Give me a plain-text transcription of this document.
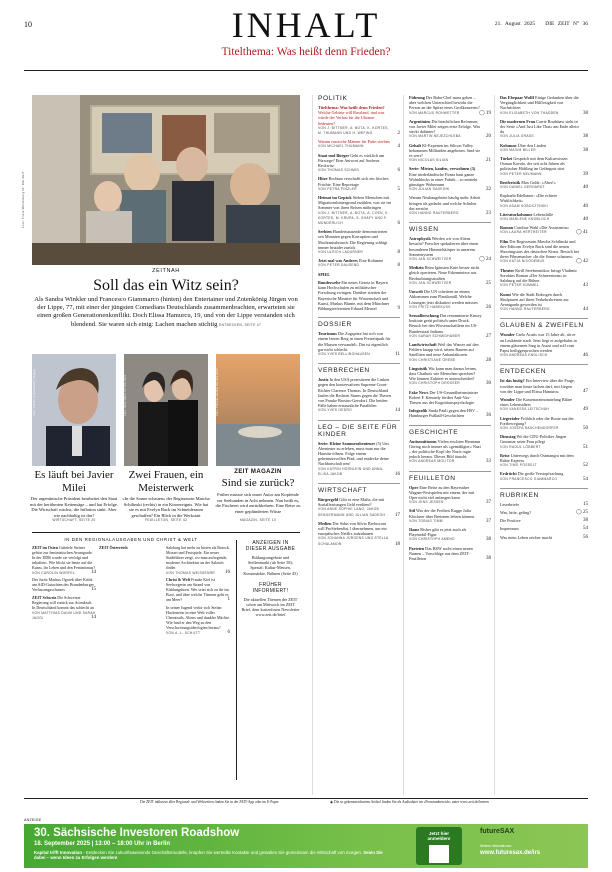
10	INHALT	21. August 2025 DIE ZEIT N° 36
Titelthema: Was heißt denn Frieden?
Foto: Frank Mühlenberg für DIE ZEIT
ZEITNAH
Soll das ein Witz sein?
Als Sandra Winkler und Francesco Giammarco (hinten) den Entertainer und Zotenkönig Jürgen von der Lippe, 77, mit einer der jüngsten Comedians Deutschlands zusammenbrachten, erwarteten sie einen großen Generationenkonflikt. Doch Elissa Hamurcu, 19, und von der Lippe verstanden sich blendend. Sie waren sich einig: Lachen machen süchtig ENTDECKEN, SEITE 47
Foto: Tomas Cuesta/Getty Images
Es läuft bei Javier Milei
Der argentinische Präsident bearbeitet den Staat mit der berühmten Kettensäge – und hat Erfolge. Die Wirtschaft wächst, die Inflation sinkt. Aber wie nachhaltig ist das?
WIRTSCHAFT, SEITE 20
Foto: Nina Maier für DIE ZEIT
Zwei Frauen, ein Meisterwerk
»In die Sonne schauen« der Regisseurin Mascha Schilinski (rechts) in ein Kinoereignis. Wie hat sie es mit Evelyn Rack im Schneideraum geschaffen? Ein Blick in die Werkstatt
FEUILLETON, SEITE 42
Foto: Thomas Gerber für DIE ZEIT
ZEIT MAGAZIN
Sind sie zurück?
Früher musste sich unser Autor am Kopfende vor Seehunden in Acht nehmen. Nun heißt es, die Fischerei wird zurückkehren. Eine Reise zu einer geplünderten Wüste
MAGAZIN, SEITE 10
IN DEN REGIONALAUSGABEN UND CHRIST & WELT
ZEIT im Osten Gabriele Steiner gehört zur feministischen Avantgarde. In der DDR wurde sie verfolgt und inhaftiert. Wie blickt sie heute auf die Kunst, ihr Leben und den Feminismus?
VON CAROLIN WÜRFEL	14
Der Jurist Markus Ogorek über Kritik am AfD-Gutachten des Brandenburger Verfassungsschutzes	15
ZEIT Schweiz Die Schweizer Regierung will zurück zur Atomkraft. In Deutschland kommt das schlecht an
VON MATTHIAS DAUM UND SARAH JAGGI	14
ZEIT Österreich	Salzburg hat mehr zu bieten als Barock, Mozart und Festspiele. Ein neuer Stadtführer zeigt, wo man aufregende, moderne Architektur an der Salzach findet
VON THOMAS WEISSENRR	16
Christ & Welt Frauke Kiel ist Seelsorgerin am Strand von Kühlungsborn. Wer setzt sich zu ihr ins Boot, und über welche Themen geht es am Meer?	1
In seiner Jugend verlor sich Stefan Hackenrein in eine Welt voller Chemtrails, Aliens und dunkler Mächte. Wie fand er den Weg zu den Verschwörungsideologien heraus?
VON A.-L. SCHILTT	6
ANZEIGEN IN DIESER AUSGABE
Bildungsangebote und Stellenmarkt (ab Seite 58); Spezial: Kultur-Messen, Kunstmärkte, Bühnen (Seite 45)
FRÜHER INFORMIERT!
Die aktuellen Themen der ZEIT schon am Mittwoch im ZEIT Brief, dem kostenlosen Newsletter
www.zeit.de/brief
POLITIK
Titelthema: Was heißt denn Frieden? Welche Gebiete will Russland, und was würde der Verlust für die Ukraine bedeuten?
VON J. BITTNER, A. BOTA, K. KORTES, M. THUMANN UND H. WEFING	2
Warum russische Männer für Putin sterben
VON MICHAEL THUMANN	4
Staat und Bürger Geht es wirklich um Fürsorge? Eine Antwort auf Andreas Reckwitz
VON THOMAS SCHMID	6
Hitze Bochum verschafft sich ein frisches Früchte. Eine Reportage
VON PETRA PINZLER	5
Heimat im Gepäck Sieben Menschen mit Migrationshintergrund erzählen, was sie im Sommer von ihren Reisen mitbringen
VON J. BITTNER, A. BOTA, A. COEN, K. KORTES, M. KRUPA, S. SHAFY UND F. MUNDERLICH	6
Serbien Hunderttausende demonstrierten seit Monaten gegen Korruption und Machtmissbrauch. Die Regierung schlägt immer brutaler zurück
VON ULRICH LADURNER	8
Jetzt mal was Anderes Eine Kolumne
VON PETER DAUSEND	8
SPIEL
Bundeswehr Ein neues Gesetz in Bayern kann Hochschulen zu militärischer Forschung zwingen. Darüber streiten der Bayerische Minister für Wissenschaft und Kunst, Markus Blume, mit dem Münchner Bildungsreferenten Eduard Meusel	9
DOSSIER
Tourismus Die Zugspitze hat sich von einem leeren Berg in einen Freizeitpark für die Massen verwandelt. Das ist eigentlich gar nicht schlecht
VON YVES BELLINGHAUSEN	11
VERBRECHEN
Justiz In den USA protestieren die Linken gegen den konservativen Supreme Court-Richter Clarence Thomas. In Deutschland laufen die Rechten Sturm gegen die Thesen von Frauke Brosius-Gersdorf. Die beiden Fälle haben erstaunliche Parallelen
VON YVES OEDRO	14
LEO – DIE SEITE FÜR KINDER
Serie: Kleine Sommerabenteuer (5) Uns Abenteuer zu erleben, muss man nur die Haustür öffnen. Folge einem geheimnisvollen Pfad, und entdecke deine Nachbarschaft neu!
VON KATRIN HÖRNLEIN UND ANNA-ELISA JAKOB	16
WIRTSCHAFT
Bürgergeld Gibt es eine Mafia, die mit Sozialleistungen Geld verdient?
VON ANNE SOPHIE LANG, JAKOB SENGERMANN UND JULIAN SADEGH	17
Medien Der Sohn von Silvio Berlusconi will ProSiebenSat.1 übernehmen, um ein europäisches Netflix aufzubauen
VON JOHANNA JÜRGENS UND STELLA SCHALAMON	18
Führung Der Babo-Chef muss gehen – aber welchen Unterschied bewirkt die Person an der Spitze eines Großkonzerns?
VON MARCUS ROHWETTER	◯ 19
Argentinien Die beachtlichen Reformen von Javier Milei zeigen erste Erfolge. Was steckt dahinter?
VON MARTIN NEJEZCHLEBA	20
Gehalt KI-Experten im Silicon Valley bekommen Milliarden angeboten. Sind sie es wert?
VON NICOLAS KILIAN	21
Serie: Mieten, kaufen, verwohnen (3) Eine niederländische Firma baut ganze Wohnblocks in einer Fabrik – so entsteht günstiger Wohnraum
VON JULIAN SADEGHI	22
Warum Neubaugebiete häufig mehr Arbeit bringen als gedacht und welche Schulen das zerstört
VON HANNO RAUTERBERG	23
WISSEN
Astrophysik Werden wir von Aliens besucht? Forscher spekulieren über einen besonderen Himmelskörper in unserem Sonnensystem
VON JAN SCHWEITZER	◯ 24
Medizin Beim Igänsten Knie besser nicht gleich operieren. Neue Erkenntnisse aus Beobachtungsstudien
VON JAN SCHWEITZER	25
Umwelt Die UN scheitern an einem Abkommen zum Plastikmüll. Welche Lösungen jetzt diskutiert werden müssen
VON FRITZ HABEKUSS	26
Sexualforschung Das renommierte Kinsey Institute gerät politisch unter Druck. Besuch bei den Wissenschaftlern im US-Bundesstaat Indiana
VON SARAH SCHMIDHUBER	27
Landwirtschaft Weil das Wasser auf den Feldern knapp wird, setzen Bauern auf Satelliten und neue Anbaufaktoren
VON CHRISTIANE GREBE	28
Linguistik Wir kann man daraus lernen, dass Chatbots wie Menschen sprechen? Wie können Zuhörer es unterscheiden?
VON CHRISTOPH DRÖSSER	30
Fake News Der US-Gesundheitsminister Robert F. Kennedy fördert Anti-Vax-Thesen aus der Kognitionspsychologie
Infografik Sankt Pauli gegen den HSV – Hamburger Fußball-Geschichten	36
GESCHICHTE
Antisemitismus Vielen erschien Hermann Göring noch immer als »gemäßigter« Nazi – der politische Kopf der Nazis ragte jedoch heraus. Dieses Bild täuscht
VON ANDREAS MOLITOR	33
FEUILLETON
Oper Eine Reise zu den Bayreuther Wagner-Festspielen mit einem, der mit Oper nicht viel anfangen kann
VON JENS JESSEN	37
Stil Was der die Freiheit Kugge Julia Klöckner über Bretonen lehren können
VON TOBIAS TIMM	37
Ikone Bisher gibt es jetzt auch als Playmobil-Figur
VON CHRISTOPH AMEND	38
Parteien Das BSW sucht einen neuen Namen – Vorschläge aus dem ZEIT-Feuilleton	38
Das Ebepaar Wolff Einige Gedanken über die Vergänglichkeit und Hilflosigkeit von Nachrichten
VON ELISABETH VON THADDEN	38
Die modernen Frau Carrie Bradshaw steht in der Serie »And Just Like That« am Ende allein da
VON JULIA GRASS	38
Kolumne Über den Linden
VON MAXIM BILLER	38
Türkei Gespräch mit dem Kulturwissen Osman Kavala, der seit acht Jahren als politischer Häftling im Gefängnis sitzt
VON PETER NEUMANN	39
Bestleristik Max Goldt: »Aber!«
VON DANIEL GERHARDT	40
Raphaela Edelbauer: »Die echtere Wirklichkeit«
VON ADAM SOBOCZYNSKI	40
Literaturkolumne Lebensfülle
VON MARLENE KNOBLOCH	40
Roman Caroline Wahl »Die Assistentin«
VON LAURA HERTREITER	◯ 41
Film Die Regisseurin Mascha Schilinski und ihre Editorin Evelyn Rack sind die neuen Shootingstars des deutschen Kinos. Besuch bei ihren Filmemacher »In die Sonne schauen«
VON KATJA NICODEMUS	◯ 42
Theater Kirill Serebrennikov bringt Vladimir Sorokins Roman »Der Schneesturm« in Salzburg auf die Bühne
VON PETER KÜMMEL	43
Kunst Wie die Stadt Einbogen durch Skulpturen auf ihren Verkehrskreisen zur Avantgarde geworden ist
VON HANNO RAUTERBERG	44
GLAUBEN & ZWEIFELN
Wunder Carlo Acutis war 15 Jahre alt, als er an Leukämie starb. Jetzt liegt er aufgebahrt in einem gläsernen Sarg in Assisi und soll vom Papst heiliggesprochen werden
VON ANDREAS ENGLISCH	46
ENTDECKEN
Ist das lustig? Ein Interview über die Frage, worüber man heute lachen darf, mit Jürgen von der Lippe und Elissa Hamurcu	47
Wunder Die Kassenarztmonatelang Biläre eines Lebensalters
VON VANESSA LEITSCHUH	49
Liegeräder Fröhlich oder die Boote aus der Fortbewegung?
VON JOSEFA RASCHENDORFER	50
Dienstag Wo die CDU-Politiker Jürgen Grutsmar seine Frau pflegt
VON RAOUL LÖBBERT	51
Reise Unterwegs durch Ostmangra mit dem Rabiz Express
VON TIMO POSSELT	52
Erdrücht Die große Verstopfsachung
VON FRANCESCO GIAMMARCO	54
RUBRIKEN
Leserbriefe	15
Was, bitte, geling?	◯ 25
Die Positive	38
Impressum	54
Was mein Leben reicher macht	56
Die ZEIT inklusive aller Regional- und Weltweiten finden Sie in der ZEIT-App oder im E-Paper.	◉ Die so gekennzeichneten Artikel finden Sie als Audiodatei im »Premiumbereich« unter www.zeit.de/hoeren
ANZEIGE
30. Sächsische Investoren Roadshow
18. September 2025 | 13:00 – 18:00 Uhr in Berlin
Kapital trifft Innovation - Entdecken Sie zukunftsweisende Geschäftsmodelle, knüpfen Sie wertvolle Kontakte und gestalten Sie gemeinsam die Wirtschaft von morgen. Seien Sie dabei – wenn Ideen zu Erfolgen werden!
Jetzt hier anmelden!
futureSAX
Weitere Informationen:
www.futuresax.de/irs
